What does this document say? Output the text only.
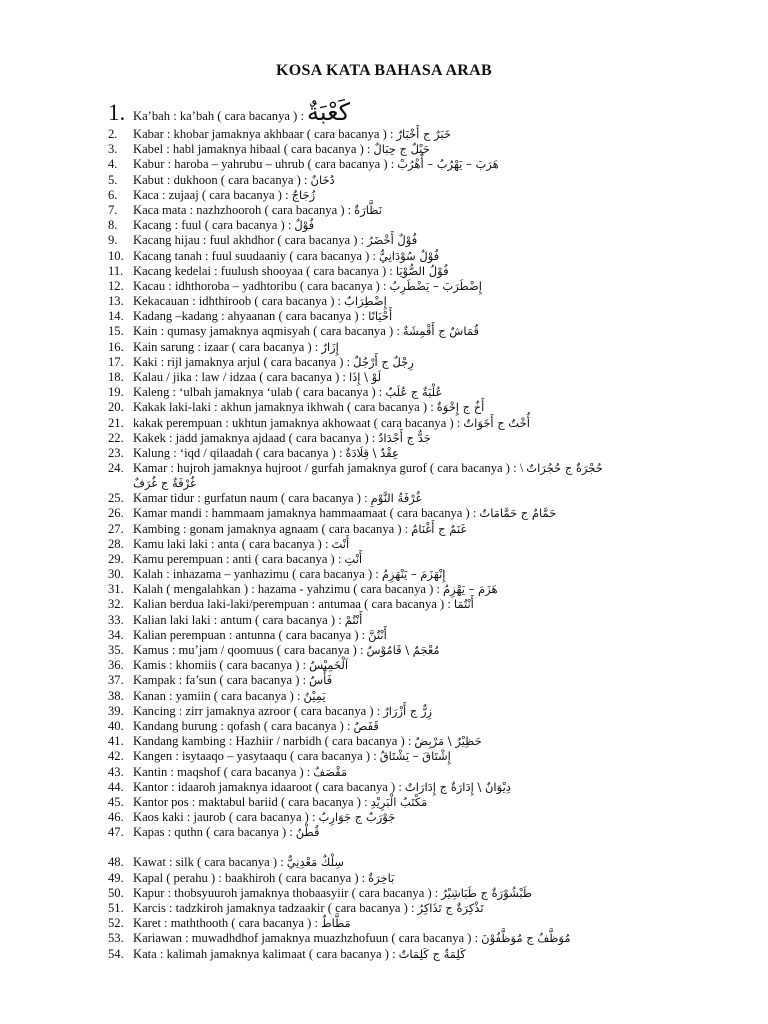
KOSA KATA BAHASA ARAB
1. Ka’bah : ka’bah ( cara bacanya ) : كَعْبَةٌ
2. Kabar : khobar jamaknya akhbaar ( cara bacanya ) : خَبَرٌ ج أَخْبَارٌ
3. Kabel : habl jamaknya hibaal ( cara bacanya ) : حَبْلٌ ج حِبَالٌ
4. Kabur : haroba – yahrubu – uhrub ( cara bacanya ) : هَرَبَ – يَهْرُبُ – أُهْرُبْ
5. Kabut : dukhoon ( cara bacanya ) : دُخَانٌ
6. Kaca : zujaaj ( cara bacanya ) : زُجَاجٌ
7. Kaca mata : nazhzhooroh ( cara bacanya ) : نَظَّارَةٌ
8. Kacang : fuul ( cara bacanya ) : فُوْلٌ
9. Kacang hijau : fuul akhdhor ( cara bacanya ) : فُوْلٌ أَخْضَرُ
10. Kacang tanah : fuul suudaaniy ( cara bacanya ) : فُوْلٌ سُوْدَانِيٌّ
11. Kacang kedelai : fuulush shooyaa ( cara bacanya ) : فُوْلُ الصُّوْيَا
12. Kacau : idhthoroba – yadhtoribu ( cara bacanya ) : إِضْطَرَبَ – يَضْطَرِبُ
13. Kekacauan : idhthiroob ( cara bacanya ) : إِضْطِرَابٌ
14. Kadang –kadang : ahyaanan ( cara bacanya ) : أَحْيَانًا
15. Kain : qumasy jamaknya aqmisyah ( cara bacanya ) : قُمَاشٌ ج أَقْمِشَةٌ
16. Kain sarung : izaar ( cara bacanya ) : إِزَارٌ
17. Kaki : rijl jamaknya arjul ( cara bacanya ) : رِجْلٌ ج أَرْجُلٌ
18. Kalau / jika : law / idzaa ( cara bacanya ) : لَوْ \ إِذَا
19. Kaleng : ‘ulbah jamaknya ‘ulab ( cara bacanya ) : عُلْبَةٌ ج عُلَبٌ
20. Kakak laki-laki : akhun jamaknya ikhwah ( cara bacanya ) : أَخٌ ج إِخْوَةٌ
21. kakak perempuan : ukhtun jamaknya akhowaat ( cara bacanya ) : أُخْتٌ ج أَخَوَاتٌ
22. Kakek : jadd jamaknya ajdaad ( cara bacanya ) : جَدٌّ ج أَجْدَادٌ
23. Kalung : ‘iqd / qilaadah ( cara bacanya ) : عِقْدٌ \ قِلَادَةٌ
24. Kamar : hujroh jamaknya hujroot / gurfah jamaknya gurof ( cara bacanya ) : \ حُجْرَةٌ ج حُجُرَاتٌ
غُرْفَةٌ ج غُرَفٌ
25. Kamar tidur : gurfatun naum ( cara bacanya ) : غُرْفَةُ النَّوْمِ
26. Kamar mandi : hammaam jamaknya hammaamaat ( cara bacanya ) : حَمَّامٌ ج حَمَّامَاتٌ
27. Kambing : gonam jamaknya agnaam ( cara bacanya ) : غَنَمٌ ج أَغْنَامٌ
28. Kamu laki laki : anta ( cara bacanya ) : أَنْتَ
29. Kamu perempuan : anti ( cara bacanya ) : أَنْتِ
30. Kalah : inhazama – yanhazimu ( cara bacanya ) : إِنْهَزَمَ – يَنْهَزِمُ
31. Kalah ( mengalahkan ) : hazama - yahzimu ( cara bacanya ) : هَزَمَ – يَهْزِمُ
32. Kalian berdua laki-laki/perempuan : antumaa ( cara bacanya ) : أَنْتُمَا
33. Kalian laki laki : antum ( cara bacanya ) : أَنْتُمْ
34. Kalian perempuan : antunna ( cara bacanya ) : أَنْتُنَّ
35. Kamus : mu’jam / qoomuus ( cara bacanya ) : مُعْجَمٌ \ قَامُوْسٌ
36. Kamis : khomiis ( cara bacanya ) : اَلْخَمِيْسُ
37. Kampak : fa’sun ( cara bacanya ) : فَأْسٌ
38. Kanan : yamiin ( cara bacanya ) : يَمِيْنٌ
39. Kancing : zirr jamaknya azroor ( cara bacanya ) : زِرٌّ ج أَزْرَارٌ
40. Kandang burung : qofash ( cara bacanya ) : قَفَصٌ
41. Kandang kambing : Hazhiir / narbidh ( cara bacanya ) : حَظِيْرٌ \ مَرْبِضٌ
42. Kangen : isytaaqo – yasytaaqu ( cara bacanya ) : إِشْتَاقَ – يَشْتَاقُ
43. Kantin : maqshof ( cara bacanya ) : مَقْصَفٌ
44. Kantor : idaaroh jamaknya idaaroot ( cara bacanya ) : دِيْوَانٌ \ إِدَارَةٌ ج إِدَارَاتٌ
45. Kantor pos : maktabul bariid ( cara bacanya ) : مَكْتَبُ الْبَرِيْدِ
46. Kaos kaki : jaurob ( cara bacanya ) : جَوْرَبٌ ج جَوَارِبُ
47. Kapas : quthn ( cara bacanya ) : قُطْنٌ
48. Kawat : silk ( cara bacanya ) : سِلْكٌ مَعْدِنِيٌّ
49. Kapal ( perahu ) : baakhiroh ( cara bacanya ) : بَاخِرَةٌ
50. Kapur : thobsyuuroh jamaknya thobaasyiir ( cara bacanya ) : طَبْشُوْرَةٌ ج طَبَاشِيْرُ
51. Karcis : tadzkiroh jamaknya tadzaakir ( cara bacanya ) : تَذْكِرَةٌ ج تَذَاكِرُ
52. Karet : maththooth ( cara bacanya ) : مَطَّاطٌ
53. Kariawan : muwadhdhof jamaknya muazhzhofuun ( cara bacanya ) : مُوَظَّفٌ ج مُوَظَّفُوْنَ
54. Kata : kalimah jamaknya kalimaat ( cara bacanya ) : كَلِمَةٌ ج كَلِمَاتٌ
